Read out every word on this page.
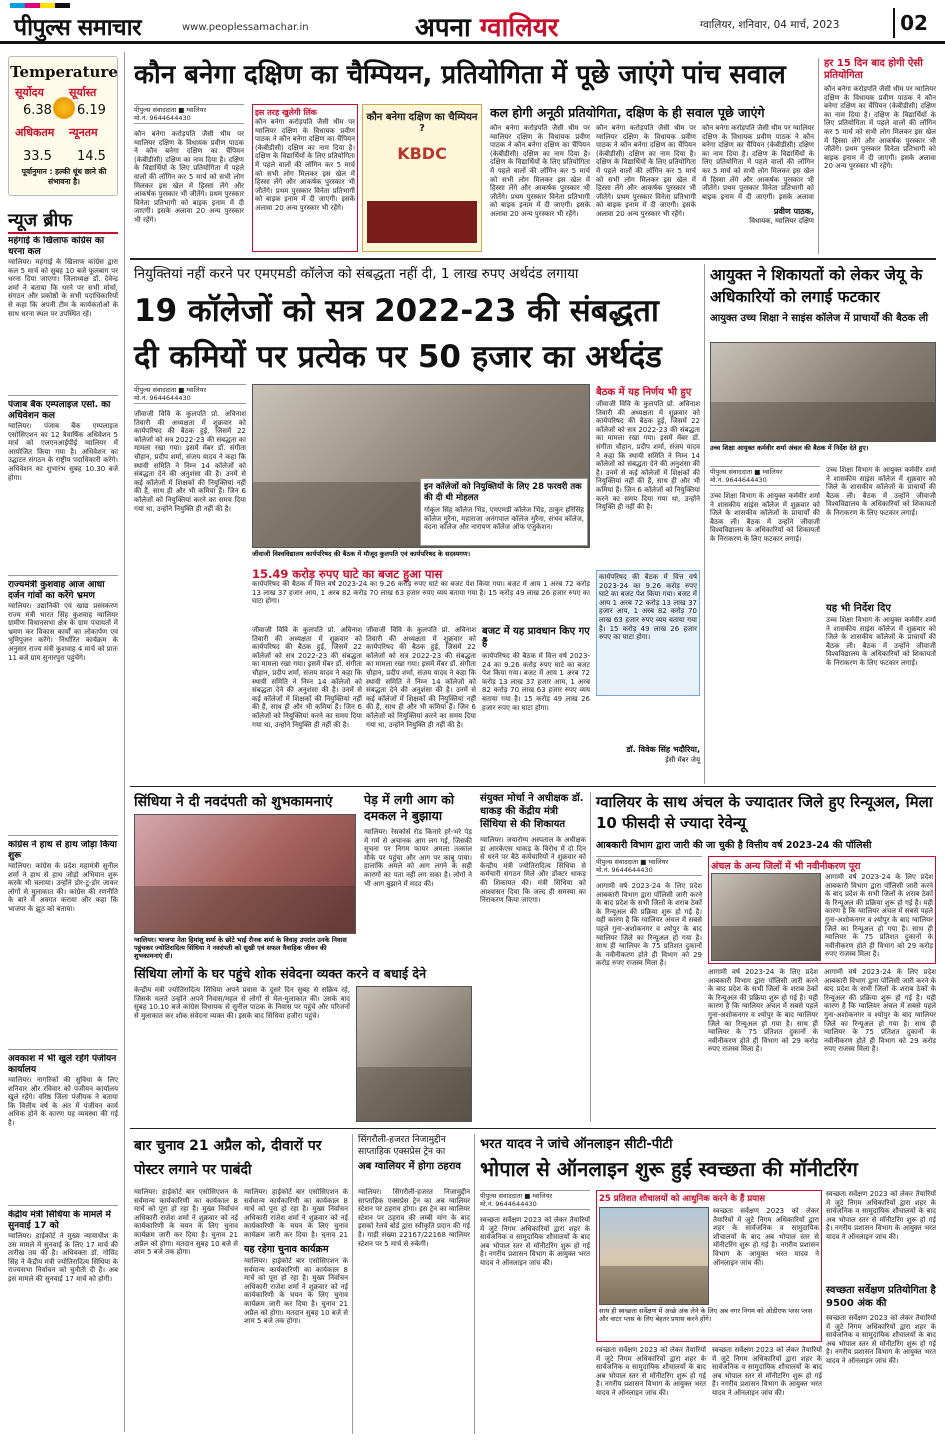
पीपुल्स समाचार	www.peoplessamachar.in	अपना ग्वालियर	ग्वालियर, शनिवार, 04 मार्च, 2023	02
Temperature
सूर्योदय सूर्यास्त
6.38 6.19
अधिकतम न्यूनतम
33.5 14.5
पूर्वानुमान : हल्की धूंध छाने की संभावना है।
न्यूज ब्रीफ
महंगाई के खिलाफ कांग्रेस का धरना कल
ग्वालियर। महंगाई के खिलाफ कांग्रेस द्वारा कल 5 मार्च को सुबह 10 बजे फूलबाग पर धरना दिया जाएगा। जिलाध्यक्ष डॉ. देवेन्द्र शर्मा ने बताया कि धरने पर सभी मोर्चा, संगठन और प्रकोष्ठों के सभी पदाधिकारियों से कहा कि अपनी टीम के कार्यकर्ताओं के साथ धरना स्थल पर उपस्थित रहें।
पंजाब बैंक एम्पलाइज एसो. का अधिवेशन कल
ग्वालियर। पंजाब बैंक एम्पलाइज एसोसिएशन का 12 त्रैवार्षिक अधिवेशन 5 मार्च को एलएनआईपीई ग्वालियर में आयोजित किया गया है। अधिवेशन का उद्घाटन संगठन के राष्ट्रीय पदाधिकारी करेंगे। अधिवेशन का शुभारंभ सुबह 10.30 बजे होगा।
राज्यमंत्री कुशवाह आज आधा दर्जन गांवों का करेंगे भ्रमण
ग्वालियर। उद्यानिकी एवं खाद्य प्रसंस्करण राज्य मंत्री भारत सिंह कुशवाह ग्वालियर ग्रामीण विधानसभा क्षेत्र के ग्राम पंचायतों में भ्रमण कर विकास कार्यों का लोकार्पण एवं भूमिपूजन करेंगे। निर्धारित कार्यक्रम के अनुसार राज्य मंत्री कुशवाह 4 मार्च को प्रातः 11 बजे ग्राम सुनारपुरा पहुंचेंगे।
कांग्रेस ने हाथ से हाथ जोड़ा किया शुरू
ग्वालियर। कांग्रेस के प्रदेश महामंत्री सुनील शर्मा ने हाथ से हाथ जोड़ो अभियान शुरू करके भी चलाया। उन्होंने डोर-टू-डोर जाकर लोगों से मुलाकात की। कांग्रेस की रणनीति के बारे में अवगत कराया और कहा कि भाजपा के झूठ को बताया।
अवकाश में भी खुले रहेंगे पंजीयन कार्यालय
ग्वालियर। नागरिकों की सुविधा के लिए शनिवार और रविवार को पंजीयन कार्यालय खुले रहेंगे। वरिष्ठ जिला पंजीयक ने बताया कि वित्तीय वर्ष के अंत में पंजीयन कार्य अधिक होने के कारण यह व्यवस्था की गई है।
केंद्रीय मंत्री सिंधिया के मामले में सुनवाई 17 को
ग्वालियर। हाईकोर्ट ने मुख्य न्यायाधीश के उस मामले में सुनवाई के लिए 17 मार्च की तारीख तय की है। अधिवक्ता डॉ. गोविंद सिंह ने केंद्रीय मंत्री ज्योतिरादित्य सिंधिया के राज्यसभा निर्वाचन को चुनौती दी है। अब इस मामले की सुनवाई 17 मार्च को होगी।
कौन बनेगा दक्षिण का चैम्पियन, प्रतियोगिता में पूछे जाएंगे पांच सवाल
पीपुल्स संवाददाता ■ ग्वालियर
मो.नं. 9644644430
कौन बनेगा करोड़पति जैसी थीम पर ग्वालियर दक्षिण के विधायक प्रवीण पाठक ने कौन बनेगा दक्षिण का चैंपियन (केबीडीसी) दक्षिण का नाम दिया है। दक्षिण के विद्यार्थियों के लिए प्रतियोगिता में पहले वालों की लॉगिन कर 5 मार्च को सभी लोग मिलकर इस खेल में हिस्सा लेंगे और आकर्षक पुरस्कार भी जीतेंगे। प्रथम पुरस्कार विनेता प्रतिभागी को बाइक इनाम में दी जाएगी। इसके अलावा 20 अन्य पुरस्कार भी रहेंगे।
इस तरह खुलेगी लिंक
कौन बनेगा करोड़पति जैसी थीम पर ग्वालियर दक्षिण के विधायक प्रवीण पाठक ने कौन बनेगा दक्षिण का चैंपियन (केबीडीसी) दक्षिण का नाम दिया है। दक्षिण के विद्यार्थियों के लिए प्रतियोगिता में पहले वालों की लॉगिन कर 5 मार्च को सभी लोग मिलकर इस खेल में हिस्सा लेंगे और आकर्षक पुरस्कार भी जीतेंगे। प्रथम पुरस्कार विनेता प्रतिभागी को बाइक इनाम में दी जाएगी। इसके अलावा 20 अन्य पुरस्कार भी रहेंगे।
कौन बनेगा दक्षिण का चैम्पियन ?
KBDC
कल होगी अनूठी प्रतियोगिता, दक्षिण के ही सवाल पूछे जाएंगे
कौन बनेगा करोड़पति जैसी थीम पर ग्वालियर दक्षिण के विधायक प्रवीण पाठक ने कौन बनेगा दक्षिण का चैंपियन (केबीडीसी) दक्षिण का नाम दिया है। दक्षिण के विद्यार्थियों के लिए प्रतियोगिता में पहले वालों की लॉगिन कर 5 मार्च को सभी लोग मिलकर इस खेल में हिस्सा लेंगे और आकर्षक पुरस्कार भी जीतेंगे। प्रथम पुरस्कार विनेता प्रतिभागी को बाइक इनाम में दी जाएगी। इसके अलावा 20 अन्य पुरस्कार भी रहेंगे।
कौन बनेगा करोड़पति जैसी थीम पर ग्वालियर दक्षिण के विधायक प्रवीण पाठक ने कौन बनेगा दक्षिण का चैंपियन (केबीडीसी) दक्षिण का नाम दिया है। दक्षिण के विद्यार्थियों के लिए प्रतियोगिता में पहले वालों की लॉगिन कर 5 मार्च को सभी लोग मिलकर इस खेल में हिस्सा लेंगे और आकर्षक पुरस्कार भी जीतेंगे। प्रथम पुरस्कार विनेता प्रतिभागी को बाइक इनाम में दी जाएगी। इसके अलावा 20 अन्य पुरस्कार भी रहेंगे।
कौन बनेगा करोड़पति जैसी थीम पर ग्वालियर दक्षिण के विधायक प्रवीण पाठक ने कौन बनेगा दक्षिण का चैंपियन (केबीडीसी) दक्षिण का नाम दिया है। दक्षिण के विद्यार्थियों के लिए प्रतियोगिता में पहले वालों की लॉगिन कर 5 मार्च को सभी लोग मिलकर इस खेल में हिस्सा लेंगे और आकर्षक पुरस्कार भी जीतेंगे। प्रथम पुरस्कार विनेता प्रतिभागी को बाइक इनाम में दी जाएगी। इसके अलावा
प्रवीण पाठक,
विधायक, ग्वालियर दक्षिण
हर 15 दिन बाद होगी ऐसी प्रतियोगिता
कौन बनेगा करोड़पति जैसी थीम पर ग्वालियर दक्षिण के विधायक प्रवीण पाठक ने कौन बनेगा दक्षिण का चैंपियन (केबीडीसी) दक्षिण का नाम दिया है। दक्षिण के विद्यार्थियों के लिए प्रतियोगिता में पहले वालों की लॉगिन कर 5 मार्च को सभी लोग मिलकर इस खेल में हिस्सा लेंगे और आकर्षक पुरस्कार भी जीतेंगे। प्रथम पुरस्कार विनेता प्रतिभागी को बाइक इनाम में दी जाएगी। इसके अलावा 20 अन्य पुरस्कार भी रहेंगे।
नियुक्तियां नहीं करने पर एमएमडी कॉलेज को संबद्धता नहीं दी, 1 लाख रुपए अर्थदंड लगाया
19 कॉलेजों को सत्र 2022-23 की संबद्धता दी कमियों पर प्रत्येक पर 50 हजार का अर्थदंड
पीपुल्स संवाददाता ■ ग्वालियर
मो.नं. 9644644430
जीवाजी विवि के कुलपति प्रो. अविनाश तिवारी की अध्यक्षता में शुक्रवार को कार्यपरिषद की बैठक हुई, जिसमें 22 कॉलेजों को सत्र 2022-23 की संबद्धता का मामला रखा गया। इसमें मेंबर डॉ. संगीता चौहान, प्रदीप शर्मा, संजय यादव ने कहा कि स्थायी समिति ने निम्न 14 कॉलेजों को संबद्धता देने की अनुशंसा की है। उनमें से कई कॉलेजों में शिक्षकों की नियुक्तियां नहीं की हैं, साथ ही और भी कमियां हैं। जिन 6 कॉलेजों को नियुक्तियां करने का समय दिया गया था, उन्होंने नियुक्ति ही नहीं की है।
इन कॉलेजों को नियुक्तियों के लिए 28 फरवरी तक की दी थी मोहलत
गोकुल सिंह कॉलेज भिंड, एमएमडी कॉलेज भिंड, ठाकुर हरिसिंह कॉलेज मुरैना, महाराजा अनंगपाल कॉलेज मुरैना, संभव कॉलेज, वंदना कॉलेज और नारायण कॉलेज ऑफ एजुकेशन।
जीवाजी विश्वविद्यालय कार्यपरिषद की बैठक में मौजूद कुलपति एवं कार्यपरिषद के सदस्यगण।
15.49 करोड़ रुपए घाटे का बजट हुआ पास
कार्यपरिषद की बैठक में वित्त वर्ष 2023-24 का 9.26 करोड़ रुपए घाटे का बजट पेश किया गया। बजट में आय 1 अरब 72 करोड़ 13 लाख 37 हजार आय, 1 अरब 82 करोड़ 70 लाख 63 हजार रुपए व्यय बताया गया है। 15 करोड़ 49 लाख 26 हजार रुपए का घाटा होगा।
जीवाजी विवि के कुलपति प्रो. अविनाश तिवारी की अध्यक्षता में शुक्रवार को कार्यपरिषद की बैठक हुई, जिसमें 22 कॉलेजों को सत्र 2022-23 की संबद्धता का मामला रखा गया। इसमें मेंबर डॉ. संगीता चौहान, प्रदीप शर्मा, संजय यादव ने कहा कि स्थायी समिति ने निम्न 14 कॉलेजों को संबद्धता देने की अनुशंसा की है। उनमें से कई कॉलेजों में शिक्षकों की नियुक्तियां नहीं की हैं, साथ ही और भी कमियां हैं। जिन 6 कॉलेजों को नियुक्तियां करने का समय दिया गया था, उन्होंने नियुक्ति ही नहीं की है।
जीवाजी विवि के कुलपति प्रो. अविनाश तिवारी की अध्यक्षता में शुक्रवार को कार्यपरिषद की बैठक हुई, जिसमें 22 कॉलेजों को सत्र 2022-23 की संबद्धता का मामला रखा गया। इसमें मेंबर डॉ. संगीता चौहान, प्रदीप शर्मा, संजय यादव ने कहा कि स्थायी समिति ने निम्न 14 कॉलेजों को संबद्धता देने की अनुशंसा की है। उनमें से कई कॉलेजों में शिक्षकों की नियुक्तियां नहीं की हैं, साथ ही और भी कमियां हैं। जिन 6 कॉलेजों को नियुक्तियां करने का समय दिया गया था, उन्होंने नियुक्ति ही नहीं की है।
बजट में यह प्रावधान किए गए हैं
कार्यपरिषद की बैठक में वित्त वर्ष 2023-24 का 9.26 करोड़ रुपए घाटे का बजट पेश किया गया। बजट में आय 1 अरब 72 करोड़ 13 लाख 37 हजार आय, 1 अरब 82 करोड़ 70 लाख 63 हजार रुपए व्यय बताया गया है। 15 करोड़ 49 लाख 26 हजार रुपए का घाटा होगा।
बैठक में यह निर्णय भी हुए
जीवाजी विवि के कुलपति प्रो. अविनाश तिवारी की अध्यक्षता में शुक्रवार को कार्यपरिषद की बैठक हुई, जिसमें 22 कॉलेजों को सत्र 2022-23 की संबद्धता का मामला रखा गया। इसमें मेंबर डॉ. संगीता चौहान, प्रदीप शर्मा, संजय यादव ने कहा कि स्थायी समिति ने निम्न 14 कॉलेजों को संबद्धता देने की अनुशंसा की है। उनमें से कई कॉलेजों में शिक्षकों की नियुक्तियां नहीं की हैं, साथ ही और भी कमियां हैं। जिन 6 कॉलेजों को नियुक्तियां करने का समय दिया गया था, उन्होंने नियुक्ति ही नहीं की है।
कार्यपरिषद की बैठक में वित्त वर्ष 2023-24 का 9.26 करोड़ रुपए घाटे का बजट पेश किया गया। बजट में आय 1 अरब 72 करोड़ 13 लाख 37 हजार आय, 1 अरब 82 करोड़ 70 लाख 63 हजार रुपए व्यय बताया गया है। 15 करोड़ 49 लाख 26 हजार रुपए का घाटा होगा।
डॉ. विवेक सिंह भदौरिया,
ईसी मेंबर जेयू
आयुक्त ने शिकायतों को लेकर जेयू के अधिकारियों को लगाई फटकार
आयुक्त उच्च शिक्षा ने साइंस कॉलेज में प्राचार्यों की बैठक ली
उच्च शिक्षा आयुक्त कर्मवीर शर्मा अंचल की बैठक में निर्देश देते हुए।
पीपुल्स संवाददाता ■ ग्वालियर
मो.नं. 9644644430
उच्च शिक्षा विभाग के आयुक्त कर्मवीर शर्मा ने शासकीय साइंस कॉलेज में शुक्रवार को जिले के शासकीय कॉलेजों के प्राचार्यों की बैठक ली। बैठक में उन्होंने जीवाजी विश्वविद्यालय के अधिकारियों को शिकायतों के निराकरण के लिए फटकार लगाई।
उच्च शिक्षा विभाग के आयुक्त कर्मवीर शर्मा ने शासकीय साइंस कॉलेज में शुक्रवार को जिले के शासकीय कॉलेजों के प्राचार्यों की बैठक ली। बैठक में उन्होंने जीवाजी विश्वविद्यालय के अधिकारियों को शिकायतों के निराकरण के लिए फटकार लगाई।
यह भी निर्देश दिए
उच्च शिक्षा विभाग के आयुक्त कर्मवीर शर्मा ने शासकीय साइंस कॉलेज में शुक्रवार को जिले के शासकीय कॉलेजों के प्राचार्यों की बैठक ली। बैठक में उन्होंने जीवाजी विश्वविद्यालय के अधिकारियों को शिकायतों के निराकरण के लिए फटकार लगाई।
सिंधिया ने दी नवदंपती को शुभकामनाएं
ग्वालियर। भाजपा नेता हिमांशु शर्मा के छोटे भाई रौनक शर्मा के विवाह उपरांत उनके निवास पहुंचकर ज्योतिरादित्य सिंधिया ने नवदंपती को सुखी एवं सफल वैवाहिक जीवन की शुभकामनाएं दीं।
पेड़ में लगी आग को दमकल ने बुझाया
ग्वालियर। रेसकोर्स रोड किनारे हरे-भरे पेड़ में गर्म से अचानक आग लग गई, जिसकी सूचना पर निगम फायर अमला तत्काल मौके पर पहुंचा और आग पर काबू पाया। हालांकि अमले को आग लगने के सही कारणों का पता नहीं लग सका है। लोगों ने भी आग बुझाने में मदद की।
संयुक्त मोर्चा ने अधीक्षक डॉ. धाकड़ की केंद्रीय मंत्री सिंधिया से की शिकायत
ग्वालियर। जयारोग्य अस्पताल के अधीक्षक डा आरकेएस धाकड़ के विरोध में दो दिन से धरने पर बैठे कर्मचारियों ने शुक्रवार को केन्द्रीय मंत्री ज्योतिरादित्य सिंधिया से कर्मचारी संगठन मिले और डॉक्टर धाकड़ की शिकायत की। मंत्री सिंधिया को आश्वासन दिया कि जल्द ही समस्या का निराकरण किया जाएगा।
सिंधिया लोगों के घर पहुंचे शोक संवेदना व्यक्त करने व बधाई देने
केन्द्रीय मंत्री ज्योतिरादित्य सिंधिया अपने प्रवास के दूसरे दिन सुबह से सक्रिय रहे, जिसके चलते उन्होंने अपने निवास/महल से लोगों से मेल-मुलाकात की। उसके बाद सुबह 10.10 बजे कांग्रेस विधायक से सुनील पाठक के निवास पर पहुंचे और परिजनों से मुलाकात कर शोक संवेदना व्यक्त की। इसके बाद सिंधिया हजीरा पहुंचे।
ग्वालियर के साथ अंचल के ज्यादातर जिले हुए रिन्यूअल, मिला 10 फीसदी से ज्यादा रेवेन्यू
आबकारी विभाग द्वारा जारी की जा चुकी है वित्तीय वर्ष 2023-24 की पॉलिसी
पीपुल्स संवाददाता ■ ग्वालियर
मो.नं. 9644644430
आगामी वर्ष 2023-24 के लिए प्रदेश आबकारी विभाग द्वारा पॉलिसी जारी करने के बाद प्रदेश के सभी जिलों के शराब ठेकों के रिन्यूअल की प्रक्रिया शुरू हो गई है। यही कारण है कि ग्वालियर अंचल में सबसे पहले गुना-अशोकनगर व श्योपुर के बाद ग्वालियर जिले का रिन्यूअल हो गया है। साथ ही ग्वालियर के 75 प्रतिशत दुकानों के नवीनीकरण होते ही विभाग को 29 करोड़ रुपए राजस्व मिला है।
अंचल के अन्य जिलों में भी नवीनीकरण पूरा
आगामी वर्ष 2023-24 के लिए प्रदेश आबकारी विभाग द्वारा पॉलिसी जारी करने के बाद प्रदेश के सभी जिलों के शराब ठेकों के रिन्यूअल की प्रक्रिया शुरू हो गई है। यही कारण है कि ग्वालियर अंचल में सबसे पहले गुना-अशोकनगर व श्योपुर के बाद ग्वालियर जिले का रिन्यूअल हो गया है। साथ ही ग्वालियर के 75 प्रतिशत दुकानों के नवीनीकरण होते ही विभाग को 29 करोड़ रुपए राजस्व मिला है।
आगामी वर्ष 2023-24 के लिए प्रदेश आबकारी विभाग द्वारा पॉलिसी जारी करने के बाद प्रदेश के सभी जिलों के शराब ठेकों के रिन्यूअल की प्रक्रिया शुरू हो गई है। यही कारण है कि ग्वालियर अंचल में सबसे पहले गुना-अशोकनगर व श्योपुर के बाद ग्वालियर जिले का रिन्यूअल हो गया है। साथ ही ग्वालियर के 75 प्रतिशत दुकानों के नवीनीकरण होते ही विभाग को 29 करोड़ रुपए राजस्व मिला है।
आगामी वर्ष 2023-24 के लिए प्रदेश आबकारी विभाग द्वारा पॉलिसी जारी करने के बाद प्रदेश के सभी जिलों के शराब ठेकों के रिन्यूअल की प्रक्रिया शुरू हो गई है। यही कारण है कि ग्वालियर अंचल में सबसे पहले गुना-अशोकनगर व श्योपुर के बाद ग्वालियर जिले का रिन्यूअल हो गया है। साथ ही ग्वालियर के 75 प्रतिशत दुकानों के नवीनीकरण होते ही विभाग को 29 करोड़ रुपए राजस्व मिला है।
बार चुनाव 21 अप्रैल को, दीवारों पर पोस्टर लगाने पर पाबंदी
ग्वालियर। हाईकोर्ट बार एसोसिएशन के सर्वमान्य कार्यकारिणी का कार्यकाल 8 मार्च को पूरा हो रहा है। मुख्य निर्वाचन अधिकारी राजेश शर्मा ने शुक्रवार को नई कार्यकारिणी के चयन के लिए चुनाव कार्यक्रम जारी कर दिया है। चुनाव 21 अप्रैल को होगा। मतदान सुबह 10 बजे से शाम 5 बजे तक होगा।
ग्वालियर। हाईकोर्ट बार एसोसिएशन के सर्वमान्य कार्यकारिणी का कार्यकाल 8 मार्च को पूरा हो रहा है। मुख्य निर्वाचन अधिकारी राजेश शर्मा ने शुक्रवार को नई कार्यकारिणी के चयन के लिए चुनाव कार्यक्रम जारी कर दिया है। चुनाव 21
यह रहेगा चुनाव कार्यक्रम
ग्वालियर। हाईकोर्ट बार एसोसिएशन के सर्वमान्य कार्यकारिणी का कार्यकाल 8 मार्च को पूरा हो रहा है। मुख्य निर्वाचन अधिकारी राजेश शर्मा ने शुक्रवार को नई कार्यकारिणी के चयन के लिए चुनाव कार्यक्रम जारी कर दिया है। चुनाव 21 अप्रैल को होगा। मतदान सुबह 10 बजे से शाम 5 बजे तक होगा।
सिंगरौली-हजरत निजामुद्दीन साप्ताहिक एक्सप्रेस ट्रेन का
अब ग्वालियर में होगा ठहराव
ग्वालियर। सिंगरौली-हजरत निजामुद्दीन साप्ताहिक एक्सप्रेस ट्रेन का अब ग्वालियर स्टेशन पर ठहराव होगा। इस ट्रेन का ग्वालियर स्टेशन पर ठहराव की लम्बी मांग के बाद इसको रेलवे बोर्ड द्वारा स्वीकृति प्रदान की गई है। गाड़ी संख्या 22167/22168 ग्वालियर स्टेशन पर 5 मार्च से रुकेगी।
भरत यादव ने जांचे ऑनलाइन सीटी-पीटी
भोपाल से ऑनलाइन शुरू हुई स्वच्छता की मॉनीटरिंग
पीपुल्स संवाददाता ■ ग्वालियर
मो.नं. 9644644430
स्वच्छता सर्वेक्षण 2023 को लेकर तैयारियों में जुटे निगम अधिकारियों द्वारा शहर के सार्वजनिक व सामुदायिक शौचालयों के बाद अब भोपाल स्तर से मॉनीटरिंग शुरू हो गई है। नगरीय प्रशासन विभाग के आयुक्त भरत यादव ने ऑनलाइन जांच की।
25 प्रतिशत शौचालयों को आधुनिक करने के हैं प्रयास
स्वच्छता सर्वेक्षण 2023 को लेकर तैयारियों में जुटे निगम अधिकारियों द्वारा शहर के सार्वजनिक व सामुदायिक शौचालयों के बाद अब भोपाल स्तर से मॉनीटरिंग शुरू हो गई है। नगरीय प्रशासन विभाग के आयुक्त भरत यादव ने ऑनलाइन जांच की।
साथ ही स्वच्छता सर्वेक्षण में अच्छे अंक लेने के लिए अब नगर निगम को ओडीएफ प्लस प्लस और वाटर प्लस के लिए बेहतर प्रयास करने होंगे।
स्वच्छता सर्वेक्षण 2023 को लेकर तैयारियों में जुटे निगम अधिकारियों द्वारा शहर के सार्वजनिक व सामुदायिक शौचालयों के बाद अब भोपाल स्तर से मॉनीटरिंग शुरू हो गई है। नगरीय प्रशासन विभाग के आयुक्त भरत यादव ने ऑनलाइन जांच की।
स्वच्छता सर्वेक्षण 2023 को लेकर तैयारियों में जुटे निगम अधिकारियों द्वारा शहर के सार्वजनिक व सामुदायिक शौचालयों के बाद अब भोपाल स्तर से मॉनीटरिंग शुरू हो गई है। नगरीय प्रशासन विभाग के आयुक्त भरत यादव ने ऑनलाइन जांच की।
स्वच्छता सर्वेक्षण 2023 को लेकर तैयारियों में जुटे निगम अधिकारियों द्वारा शहर के सार्वजनिक व सामुदायिक शौचालयों के बाद अब भोपाल स्तर से मॉनीटरिंग शुरू हो गई है। नगरीय प्रशासन विभाग के आयुक्त भरत यादव ने ऑनलाइन जांच की।
स्वच्छता सर्वेक्षण प्रतियोगिता है 9500 अंक की
स्वच्छता सर्वेक्षण 2023 को लेकर तैयारियों में जुटे निगम अधिकारियों द्वारा शहर के सार्वजनिक व सामुदायिक शौचालयों के बाद अब भोपाल स्तर से मॉनीटरिंग शुरू हो गई है। नगरीय प्रशासन विभाग के आयुक्त भरत यादव ने ऑनलाइन जांच की।
